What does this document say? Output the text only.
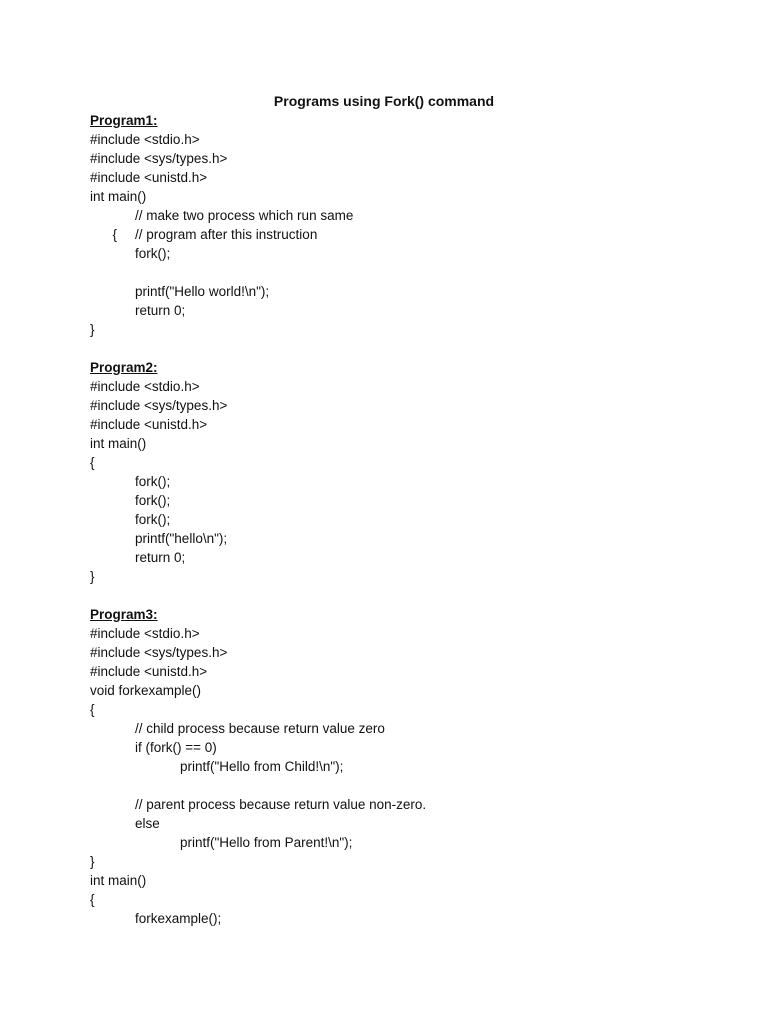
Programs using Fork() command
Program1:
#include <stdio.h>
#include <sys/types.h>
#include <unistd.h>
int main()

{

// make two process which run same

// program after this instruction
fork();
printf("Hello world!\n");
return 0;
}
Program2:
#include <stdio.h>
#include <sys/types.h>
#include <unistd.h>
int main()
{
fork();
fork();
fork();
printf("hello\n");
return 0;
}
Program3:
#include <stdio.h>
#include <sys/types.h>
#include <unistd.h>
void forkexample()
{
// child process because return value zero
if (fork() == 0)
printf("Hello from Child!\n");
// parent process because return value non-zero.
else
printf("Hello from Parent!\n");
}
int main()
{
forkexample();
